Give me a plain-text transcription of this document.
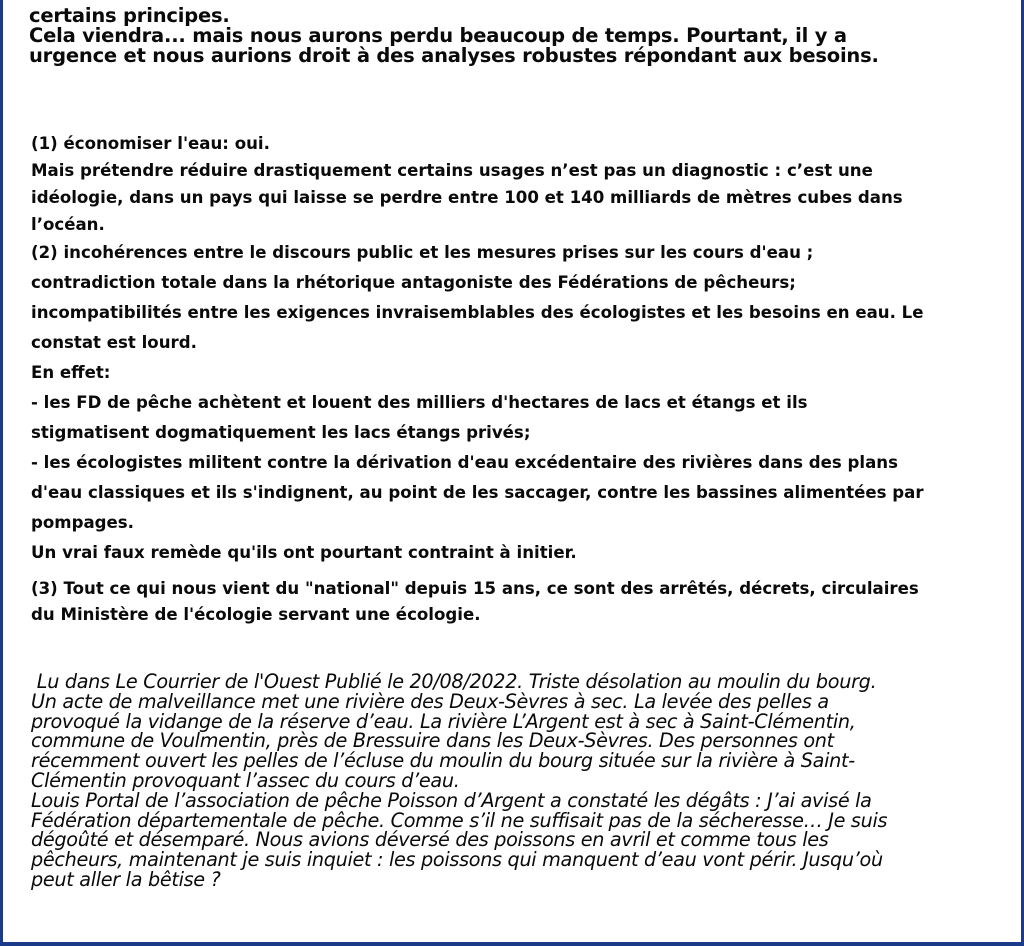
certains principes.

Cela viendra... mais nous aurons perdu beaucoup de temps. Pourtant, il y a

urgence et nous aurions droit à des analyses robustes répondant aux besoins.

(1) économiser l'eau: oui.

Mais prétendre réduire drastiquement certains usages n’est pas un diagnostic : c’est une

idéologie, dans un pays qui laisse se perdre entre 100 et 140 milliards de mètres cubes dans

l’océan.

(2) incohérences entre le discours public et les mesures prises sur les cours d'eau ;

contradiction totale dans la rhétorique antagoniste des Fédérations de pêcheurs;

incompatibilités entre les exigences invraisemblables des écologistes et les besoins en eau. Le

constat est lourd.

En effet:

- les FD de pêche achètent et louent des milliers d'hectares de lacs et étangs et ils

stigmatisent dogmatiquement les lacs étangs privés;

- les écologistes militent contre la dérivation d'eau excédentaire des rivières dans des plans

d'eau classiques et ils s'indignent, au point de les saccager, contre les bassines alimentées par

pompages.

Un vrai faux remède qu'ils ont pourtant contraint à initier.

(3) Tout ce qui nous vient du "national" depuis 15 ans, ce sont des arrêtés, décrets, circulaires

du Ministère de l'écologie servant une écologie.

Lu dans Le Courrier de l'Ouest Publié le 20/08/2022. Triste désolation au moulin du bourg.

Un acte de malveillance met une rivière des Deux-Sèvres à sec. La levée des pelles a

provoqué la vidange de la réserve d’eau. La rivière L’Argent est à sec à Saint-Clémentin,

commune de Voulmentin, près de Bressuire dans les Deux-Sèvres. Des personnes ont

récemment ouvert les pelles de l’écluse du moulin du bourg située sur la rivière à Saint-

Clémentin provoquant l’assec du cours d’eau.

Louis Portal de l’association de pêche Poisson d’Argent a constaté les dégâts : J’ai avisé la

Fédération départementale de pêche. Comme s’il ne suffisait pas de la sécheresse… Je suis

dégoûté et désemparé. Nous avions déversé des poissons en avril et comme tous les

pêcheurs, maintenant je suis inquiet : les poissons qui manquent d’eau vont périr. Jusqu’où

peut aller la bêtise ?
